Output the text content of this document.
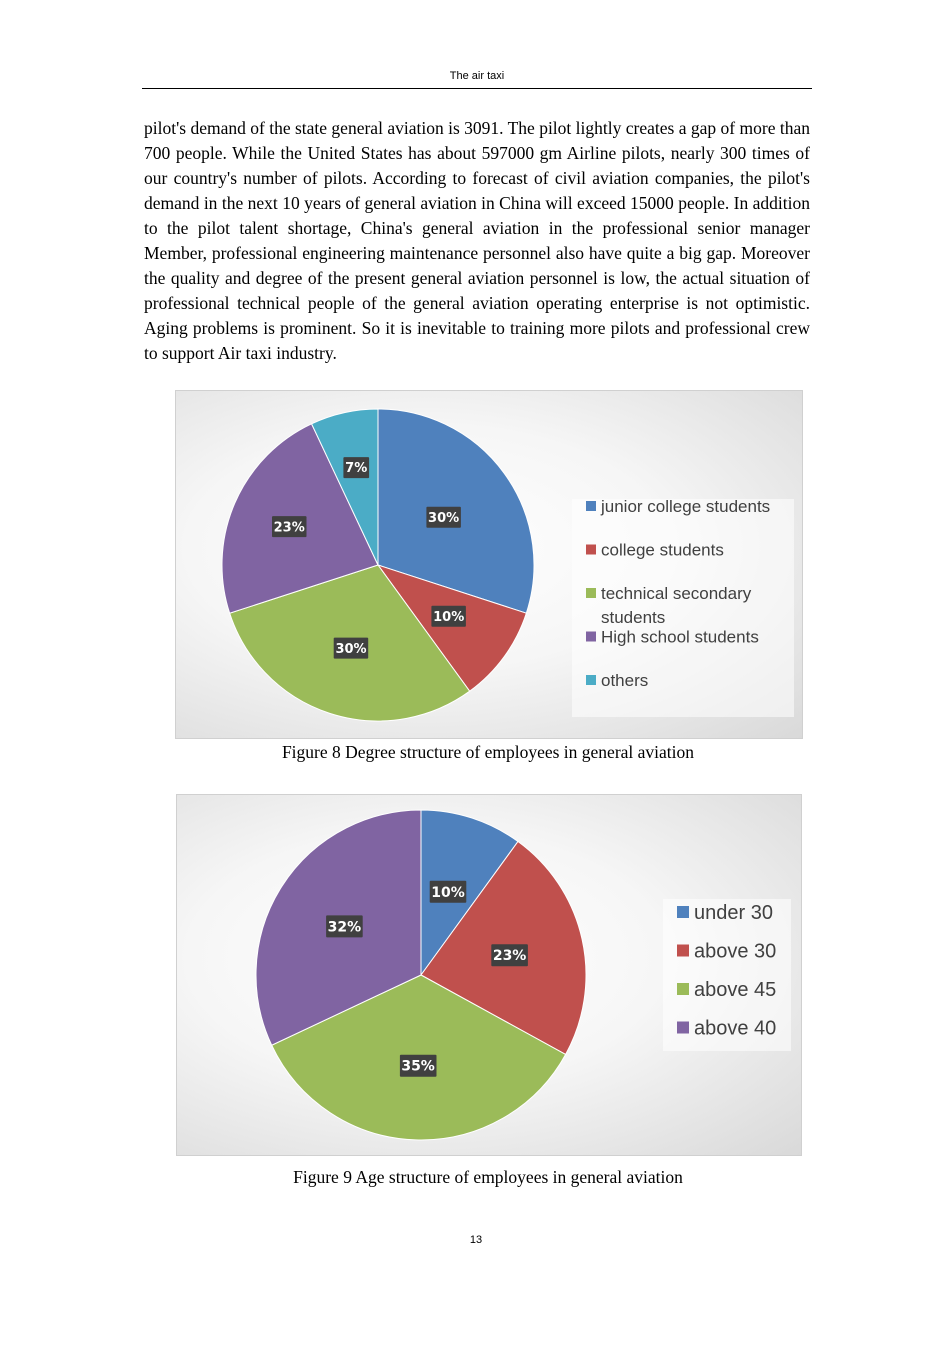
The air taxi

pilot's demand of the state general aviation is 3091. The pilot lightly creates a gap of more than 700 people. While the United States has about 597000 gm Airline pilots, nearly 300 times of our country's number of pilots. According to forecast of civil aviation companies, the pilot's demand in the next 10 years of general aviation in China will exceed 15000 people. In addition to the pilot talent shortage, China's general aviation in the professional senior manager Member, professional engineering maintenance personnel also have quite a big gap. Moreover the quality and degree of the present general aviation personnel is low, the actual situation of professional technical people of the general aviation operating enterprise is not optimistic. Aging problems is prominent. So it is inevitable to training more pilots and professional crew to support Air taxi industry.

30%
10%
30%
23%
7%
junior college students
college students
technical secondary
students
High school students
others
Figure 8 Degree structure of employees in general aviation
10%
23%
35%
32%
under 30
above 30
above 45
above 40
Figure 9 Age structure of employees in general aviation
13
